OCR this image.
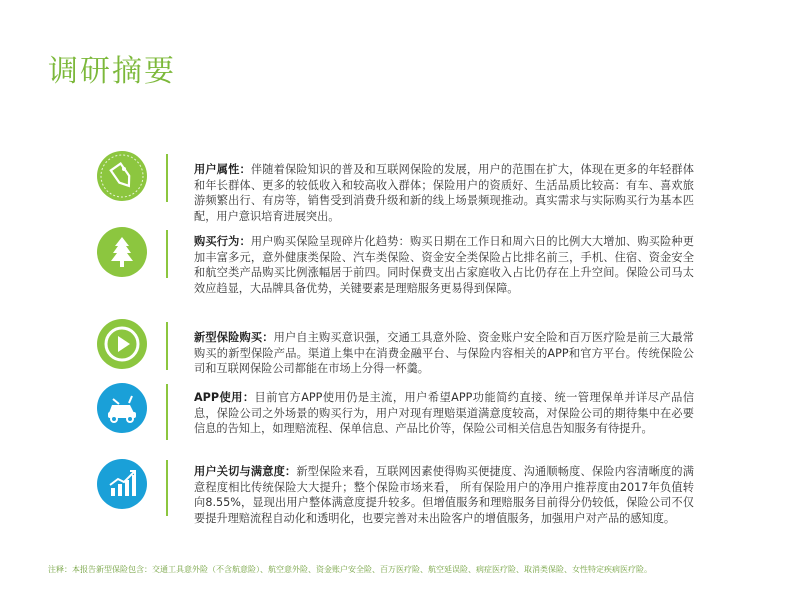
调研摘要
用户属性：伴随着保险知识的普及和互联网保险的发展，用户的范围在扩大，体现在更多的年轻群体和年长群体、更多的较低收入和较高收入群体；保险用户的资质好、生活品质比较高：有车、喜欢旅游频繁出行、有房等，销售受到消费升级和新的线上场景频现推动。真实需求与实际购买行为基本匹配，用户意识培育进展突出。
购买行为：用户购买保险呈现碎片化趋势：购买日期在工作日和周六日的比例大大增加、购买险种更加丰富多元，意外健康类保险、汽车类保险、资金安全类保险占比排名前三，手机、住宿、资金安全和航空类产品购买比例涨幅居于前四。同时保费支出占家庭收入占比仍存在上升空间。保险公司马太效应趋显，大品牌具备优势，关键要素是理赔服务更易得到保障。
新型保险购买：用户自主购买意识强，交通工具意外险、资金账户安全险和百万医疗险是前三大最常购买的新型保险产品。渠道上集中在消费金融平台、与保险内容相关的APP和官方平台。传统保险公司和互联网保险公司都能在市场上分得一杯羹。
APP使用：目前官方APP使用仍是主流，用户希望APP功能简约直接、统一管理保单并详尽产品信息，保险公司之外场景的购买行为，用户对现有理赔渠道满意度较高，对保险公司的期待集中在必要信息的告知上，如理赔流程、保单信息、产品比价等，保险公司相关信息告知服务有待提升。
用户关切与满意度：新型保险来看，互联网因素使得购买便捷度、沟通顺畅度、保险内容清晰度的满意程度相比传统保险大大提升；整个保险市场来看， 所有保险用户的净用户推荐度由2017年负值转向8.55%，显现出用户整体满意度提升较多。但增值服务和理赔服务目前得分仍较低，保险公司不仅要提升理赔流程自动化和透明化，也要完善对未出险客户的增值服务，加强用户对产品的感知度。
注释：本报告新型保险包含：交通工具意外险（不含航意险）、航空意外险、资金账户安全险、百万医疗险、航空延误险、病症医疗险、取消类保险、女性特定疾病医疗险。
